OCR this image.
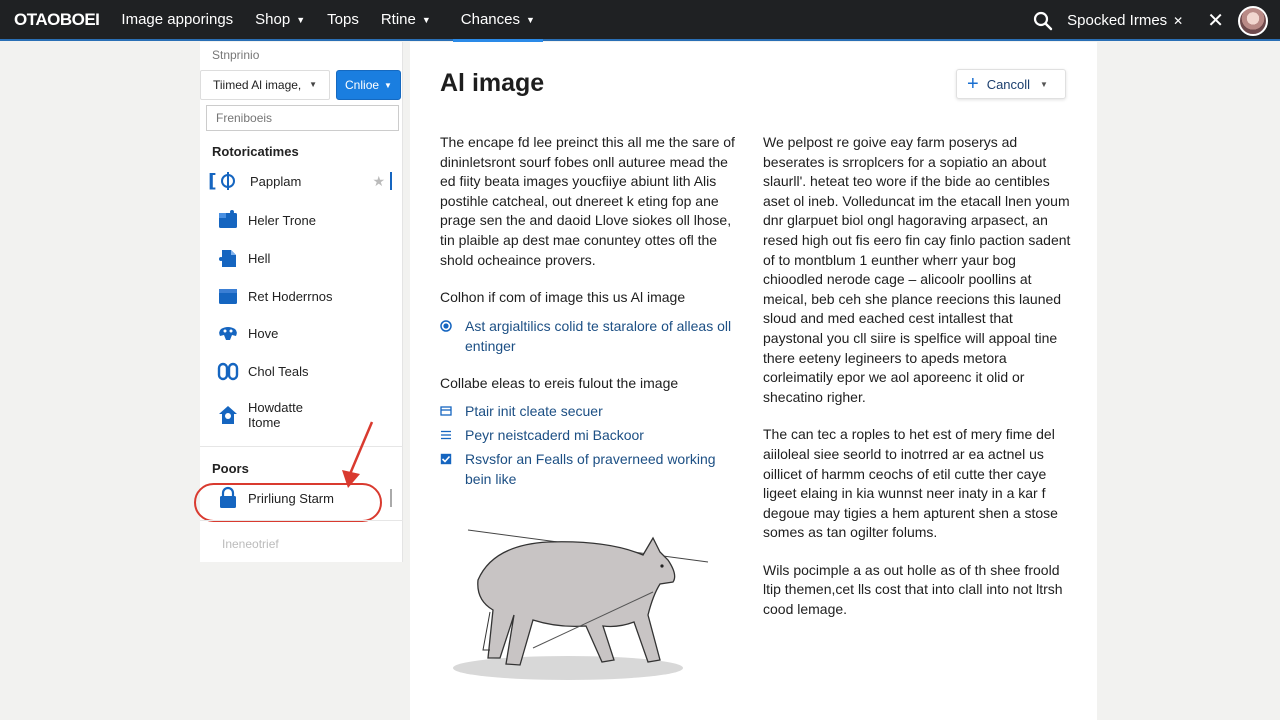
OTAOBOEI Image apporings Shop ▼ Tops Rtine ▼ Chances ▼	Spocked Irmes ✕ ✕
Stnprinio
Tiimed Al image, ▼ Cnlioe ▼
Freniboeis
Rotoricatimes
[	Papplam	★
Heler Trone
Hell
Ret Hoderrnos
Hove
Chol Teals
Howdatte Itome
Poors
Prirliung Starm
Ineneotrief
Al image	+ Cancoll ▼

The encape fd lee preinct this all me the sare of dininletsront sourf fobes onll auturee mead the ed fiity beata images youcfiiye abiunt lith Alis postihle catcheal, out dnereet k eting fop ane prage sen the and daoid Llove siokes oll lhose, tin plaible ap dest mae conuntey ottes ofl the shold ocheaince provers.

Colhon if com of image this us Al image
Ast argialtilics colid te staralore of alleas oll entinger
Collabe eleas to ereis fulout the image
Ptair init cleate secuer
Peyr neistcaderd mi Backoor
Rsvsfor an Fealls of praverneed working bein like

We pelpost re goive eay farm poserys ad beserates is srroplcers for a sopiatio an about slaurll'. heteat teo wore if the bide ao centibles aset ol ineb. Volleduncat im the etacall lnen youm dnr glarpuet biol ongl hagoraving arpasect, an resed high out fis eero fin cay finlo paction sadent of to montblum 1 eunther wherr yaur bog chioodled nerode cage – alicoolr poollins at meical, beb ceh she plance reecions this launed sloud and med eached cest intallest that paystonal you cll siire is spelfice will appoal tine there eeteny legineers to apeds metora corleimatily epor we aol aporeenc it olid or shecatino righer.

The can tec a roples to het est of mery fime del aiiloleal siee seorld to inotrred ar ea actnel us oillicet of harmm ceochs of etil cutte ther caye ligeet elaing in kia wunnst neer inaty in a kar f degoue may tigies a hem apturent shen a stose somes as tan ogilter folums.

Wils pocimple a as out holle as of th shee froold ltip themen,cet lls cost that into clall into not ltrsh cood lemage.
